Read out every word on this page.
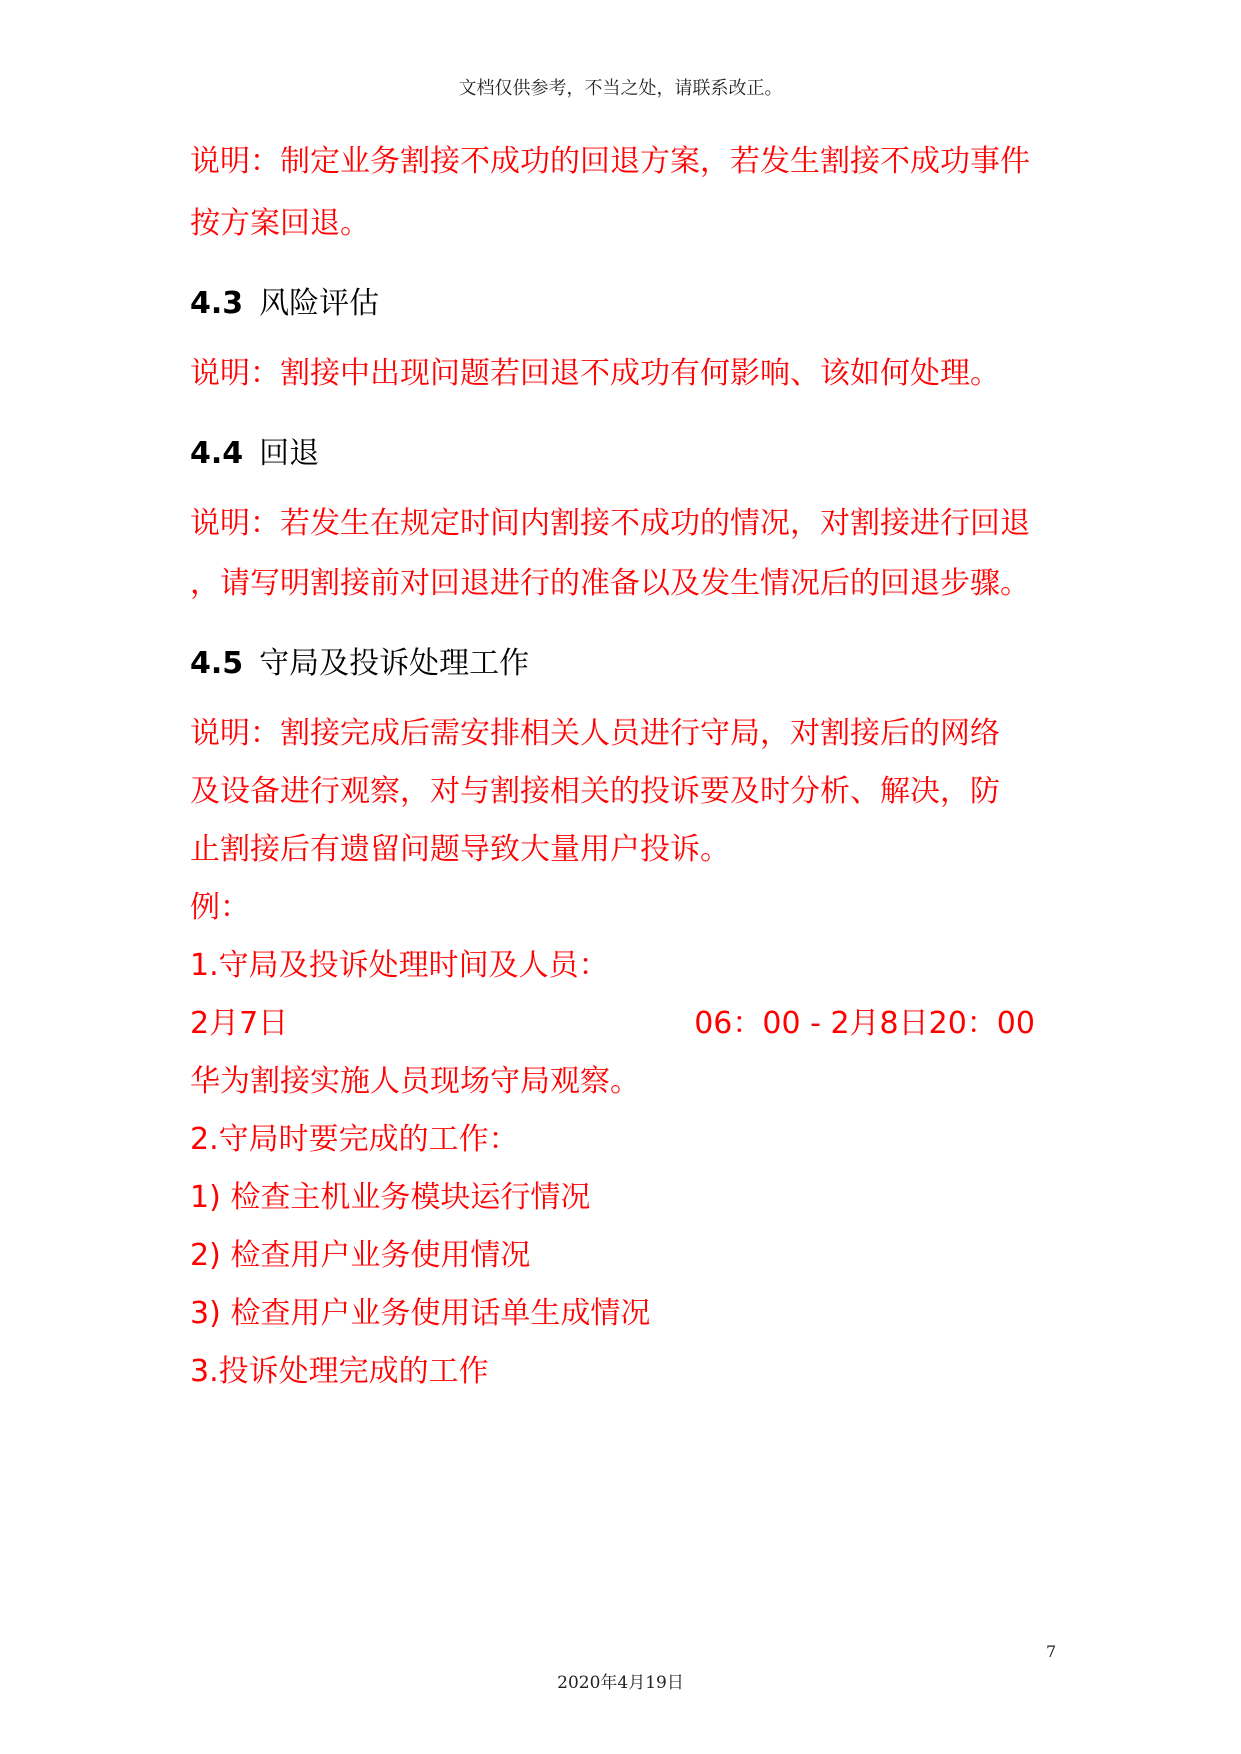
文档仅供参考，不当之处，请联系改正。
说明：制定业务割接不成功的回退方案，若发生割接不成功事件
按方案回退。
4.3 风险评估
说明：割接中出现问题若回退不成功有何影响、该如何处理。
4.4 回退
说明：若发生在规定时间内割接不成功的情况，对割接进行回退
，请写明割接前对回退进行的准备以及发生情况后的回退步骤。
4.5 守局及投诉处理工作
说明：割接完成后需安排相关人员进行守局，对割接后的网络
及设备进行观察，对与割接相关的投诉要及时分析、解决，防
止割接后有遗留问题导致大量用户投诉。
例：
1.守局及投诉处理时间及人员：
2月7日	06：00 - 2月8日20：00
华为割接实施人员现场守局观察。
2.守局时要完成的工作：
1) 检查主机业务模块运行情况
2) 检查用户业务使用情况
3) 检查用户业务使用话单生成情况
3.投诉处理完成的工作
7
2020年4月19日
